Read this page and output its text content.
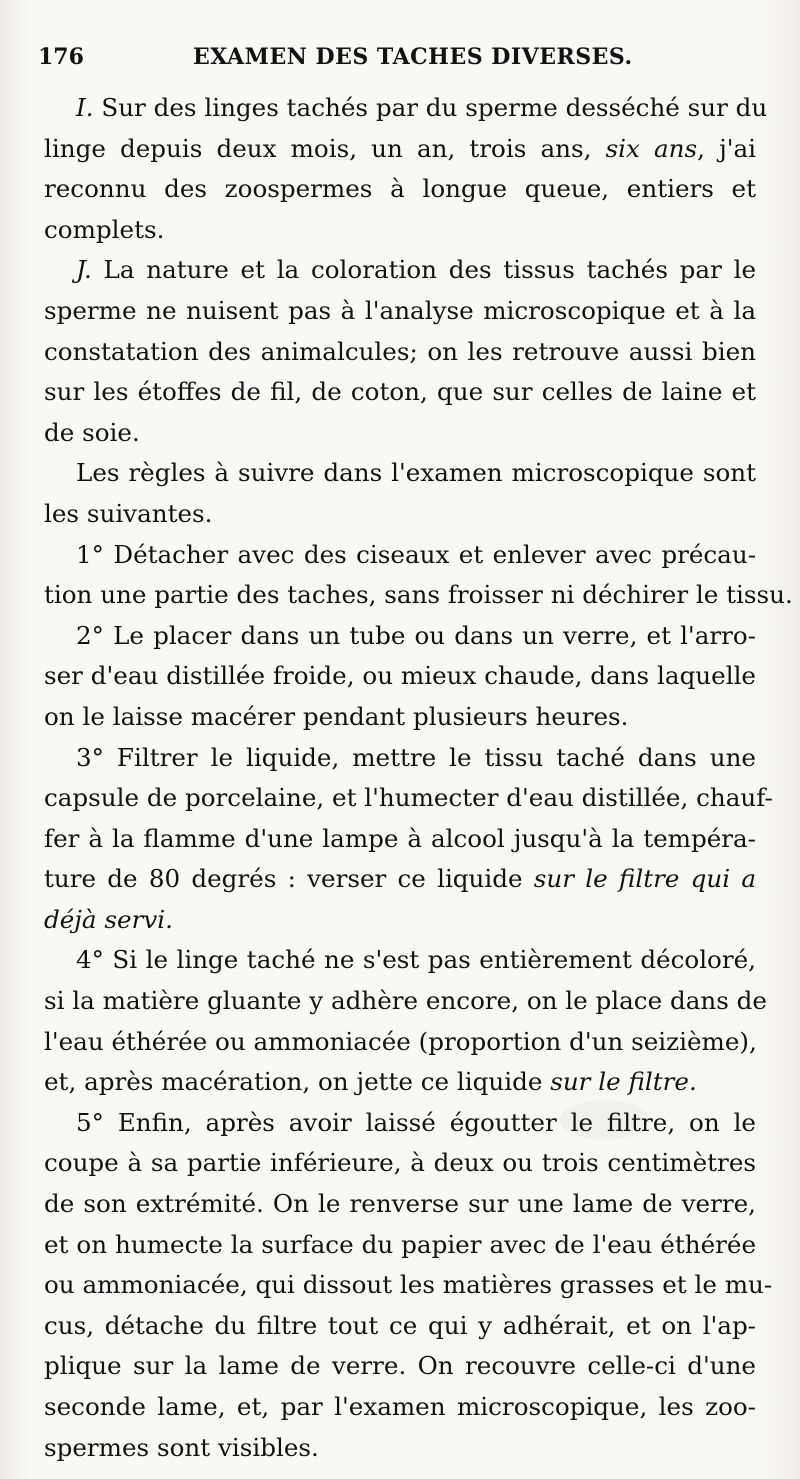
176	EXAMEN DES TACHES DIVERSES.
I. Sur des linges tachés par du sperme desséché sur du
linge depuis deux mois, un an, trois ans, six ans, j'ai
reconnu des zoospermes à longue queue, entiers et
complets.
J. La nature et la coloration des tissus tachés par le
sperme ne nuisent pas à l'analyse microscopique et à la
constatation des animalcules; on les retrouve aussi bien
sur les étoffes de fil, de coton, que sur celles de laine et
de soie.
Les règles à suivre dans l'examen microscopique sont
les suivantes.
1° Détacher avec des ciseaux et enlever avec précau-
tion une partie des taches, sans froisser ni déchirer le tissu.
2° Le placer dans un tube ou dans un verre, et l'arro-
ser d'eau distillée froide, ou mieux chaude, dans laquelle
on le laisse macérer pendant plusieurs heures.
3° Filtrer le liquide, mettre le tissu taché dans une
capsule de porcelaine, et l'humecter d'eau distillée, chauf-
fer à la flamme d'une lampe à alcool jusqu'à la tempéra-
ture de 80 degrés : verser ce liquide sur le filtre qui a
déjà servi.
4° Si le linge taché ne s'est pas entièrement décoloré,
si la matière gluante y adhère encore, on le place dans de
l'eau éthérée ou ammoniacée (proportion d'un seizième),
et, après macération, on jette ce liquide sur le filtre.
5° Enfin, après avoir laissé égoutter le filtre, on le
coupe à sa partie inférieure, à deux ou trois centimètres
de son extrémité. On le renverse sur une lame de verre,
et on humecte la surface du papier avec de l'eau éthérée
ou ammoniacée, qui dissout les matières grasses et le mu-
cus, détache du filtre tout ce qui y adhérait, et on l'ap-
plique sur la lame de verre. On recouvre celle-ci d'une
seconde lame, et, par l'examen microscopique, les zoo-
spermes sont visibles.
